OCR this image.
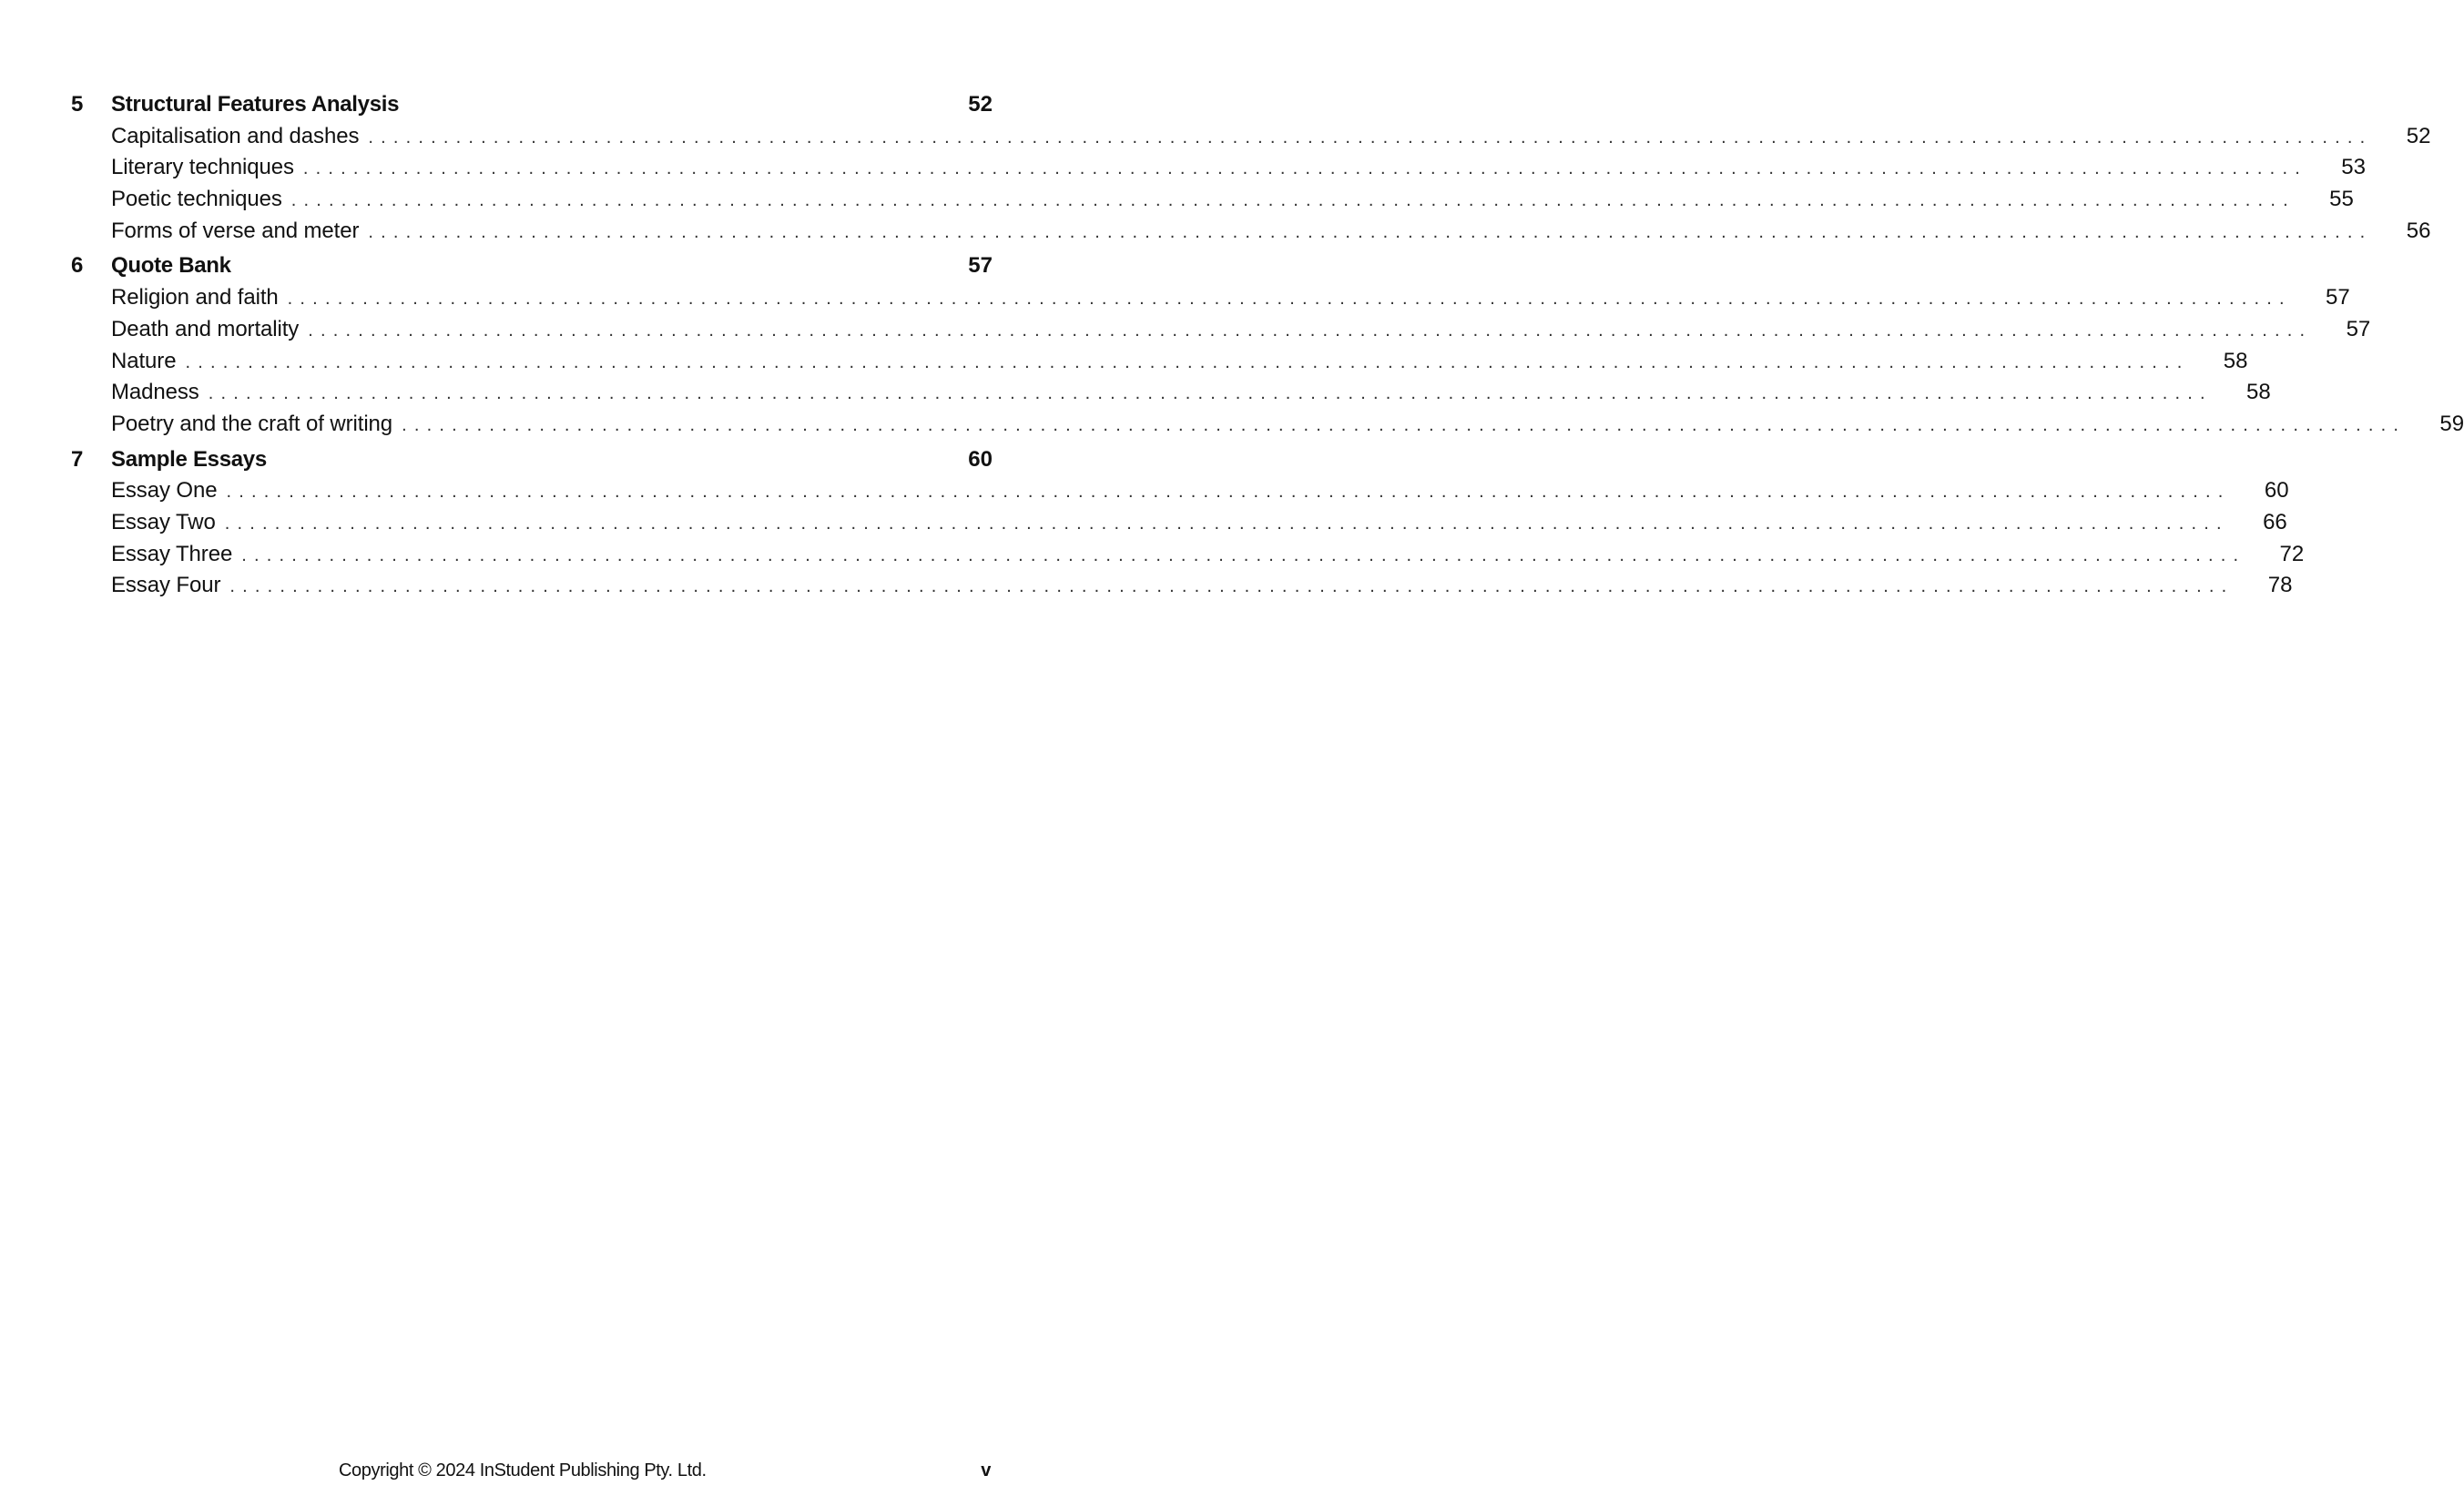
5	Structural Features Analysis	52
Capitalisation and dashes ................................................................................................................................................................	52
Literary techniques ................................................................................................................................................................	53
Poetic techniques ................................................................................................................................................................	55
Forms of verse and meter ................................................................................................................................................................	56
6	Quote Bank	57
Religion and faith ................................................................................................................................................................	57
Death and mortality ................................................................................................................................................................	57
Nature ................................................................................................................................................................	58
Madness ................................................................................................................................................................	58
Poetry and the craft of writing ................................................................................................................................................................	59
7	Sample Essays	60
Essay One ................................................................................................................................................................	60
Essay Two ................................................................................................................................................................	66
Essay Three ................................................................................................................................................................	72
Essay Four ................................................................................................................................................................	78
Copyright © 2024 InStudent Publishing Pty. Ltd.	v
